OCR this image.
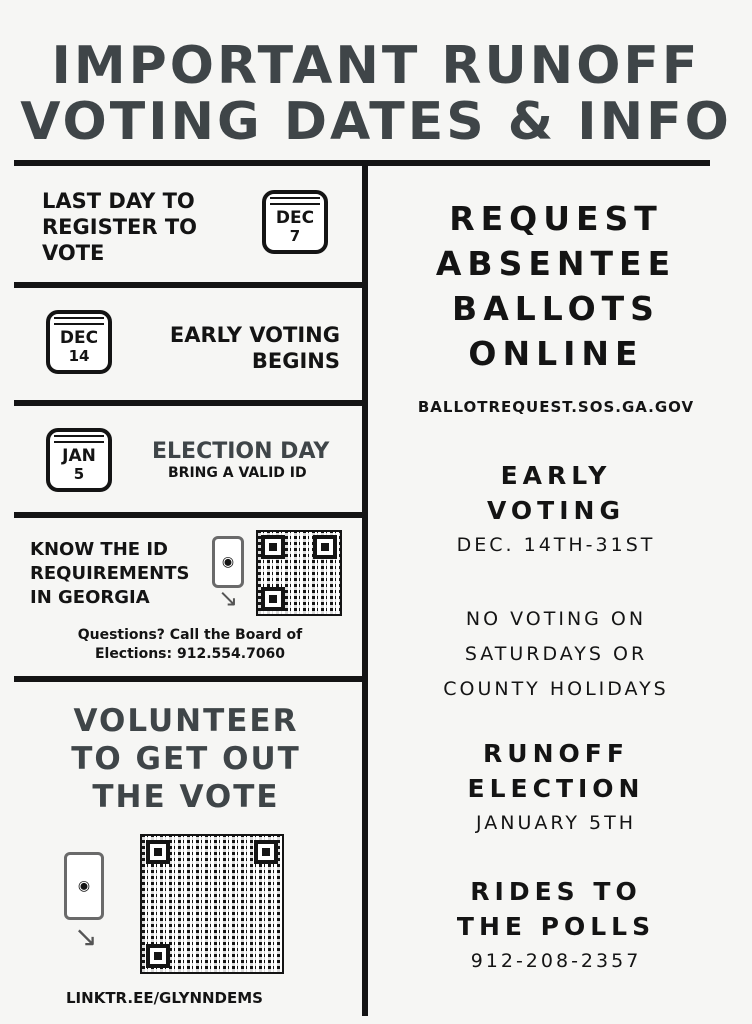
IMPORTANT RUNOFF
VOTING DATES & INFO
LAST DAY TO
REGISTER TO
VOTE
DEC
7
DEC
14
EARLY VOTING
BEGINS
JAN
5
ELECTION DAY
BRING A VALID ID
KNOW THE ID
REQUIREMENTS
IN GEORGIA
◉
↘
Questions? Call the Board of
Elections: 912.554.7060
VOLUNTEER
TO GET OUT
THE VOTE
◉
↘
LINKTR.EE/GLYNNDEMS
REQUEST
ABSENTEE
BALLOTS
ONLINE
BALLOTREQUEST.SOS.GA.GOV
EARLY
VOTING
DEC. 14TH-31ST
NO VOTING ON
SATURDAYS OR
COUNTY HOLIDAYS
RUNOFF
ELECTION
JANUARY 5TH
RIDES TO
THE POLLS
912-208-2357
